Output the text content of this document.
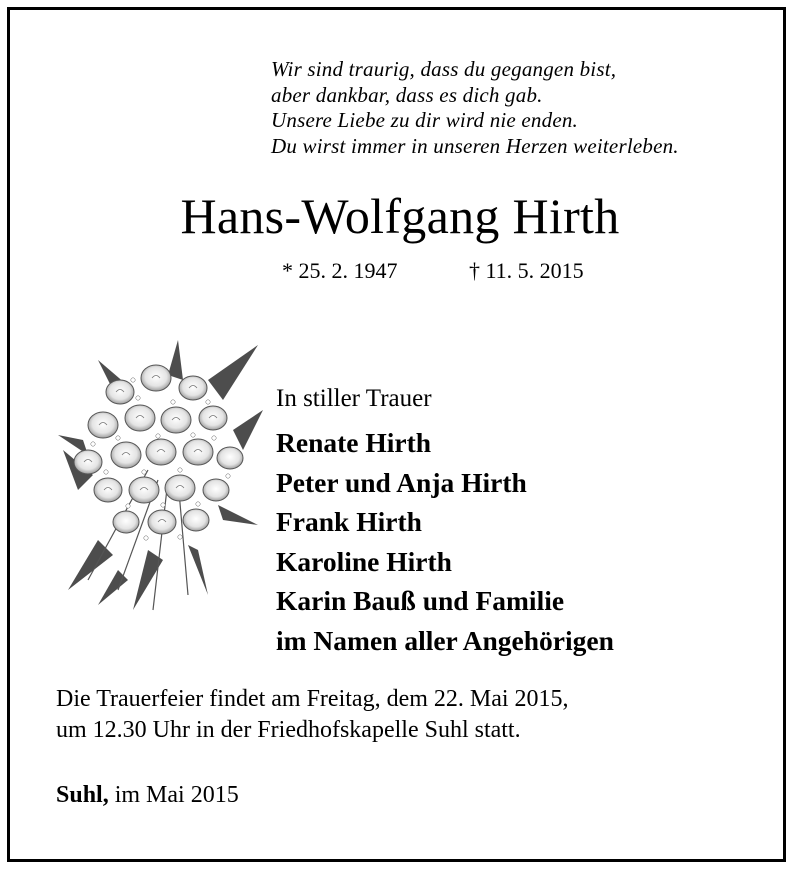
Wir sind traurig, dass du gegangen bist,
aber dankbar, dass es dich gab.
Unsere Liebe zu dir wird nie enden.
Du wirst immer in unseren Herzen weiterleben.
Hans-Wolfgang Hirth
* 25. 2. 1947	† 11. 5. 2015
In stiller Trauer
Renate Hirth
Peter und Anja Hirth
Frank Hirth
Karoline Hirth
Karin Bauß und Familie
im Namen aller Angehörigen
Die Trauerfeier findet am Freitag, dem 22. Mai 2015,
um 12.30 Uhr in der Friedhofskapelle Suhl statt.
Suhl, im Mai 2015
